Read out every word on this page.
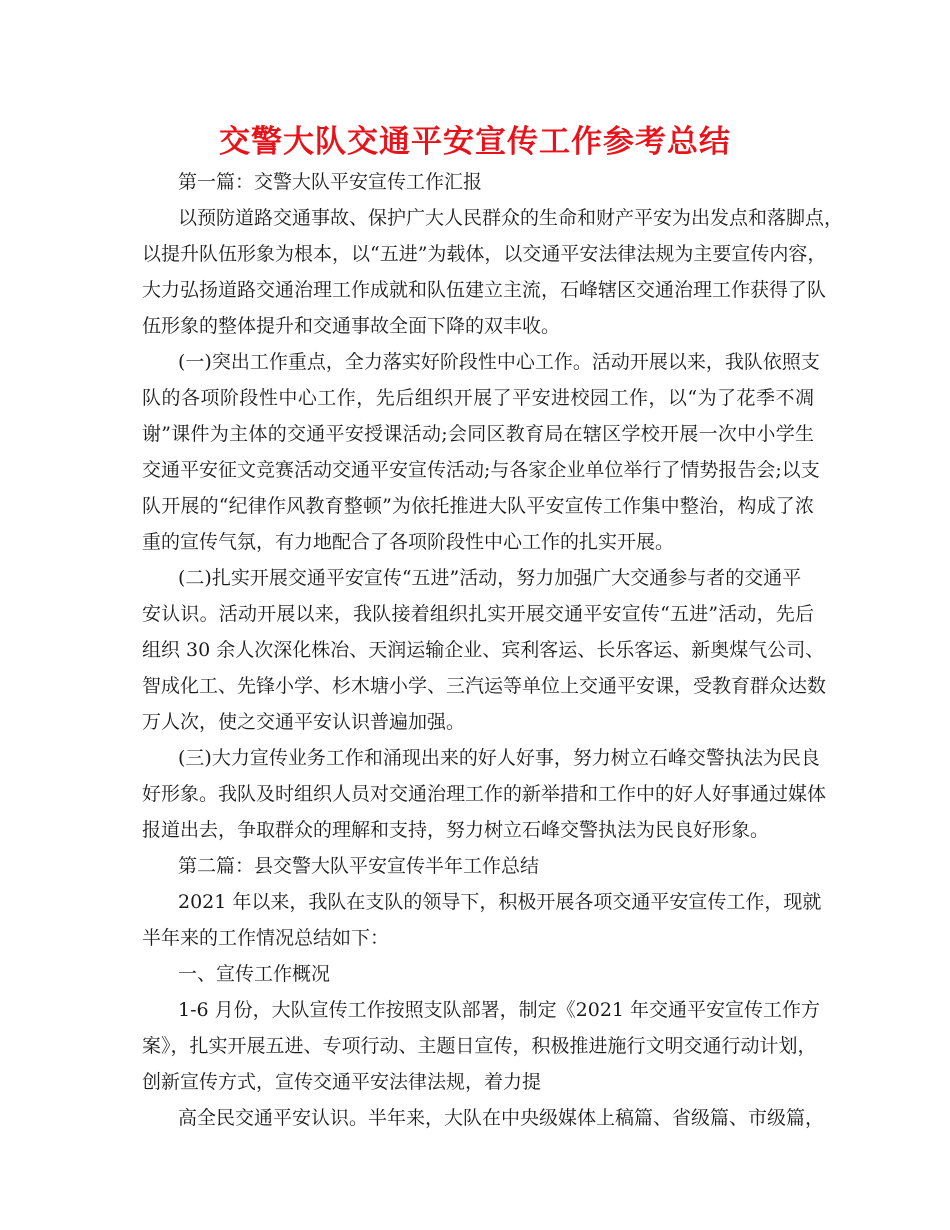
交警大队交通平安宣传工作参考总结
第一篇：交警大队平安宣传工作汇报
以预防道路交通事故、保护广大人民群众的生命和财产平安为出发点和落脚点，
以提升队伍形象为根本，以“五进”为载体，以交通平安法律法规为主要宣传内容，
大力弘扬道路交通治理工作成就和队伍建立主流，石峰辖区交通治理工作获得了队
伍形象的整体提升和交通事故全面下降的双丰收。
(一)突出工作重点，全力落实好阶段性中心工作。活动开展以来，我队依照支
队的各项阶段性中心工作，先后组织开展了平安进校园工作，以“为了花季不凋
谢”课件为主体的交通平安授课活动;会同区教育局在辖区学校开展一次中小学生
交通平安征文竞赛活动交通平安宣传活动;与各家企业单位举行了情势报告会;以支
队开展的“纪律作风教育整顿”为依托推进大队平安宣传工作集中整治，构成了浓
重的宣传气氛，有力地配合了各项阶段性中心工作的扎实开展。
(二)扎实开展交通平安宣传“五进”活动，努力加强广大交通参与者的交通平
安认识。活动开展以来，我队接着组织扎实开展交通平安宣传“五进”活动，先后
组织 30 余人次深化株冶、天润运输企业、宾利客运、长乐客运、新奥煤气公司、
智成化工、先锋小学、杉木塘小学、三汽运等单位上交通平安课，受教育群众达数
万人次，使之交通平安认识普遍加强。
(三)大力宣传业务工作和涌现出来的好人好事，努力树立石峰交警执法为民良
好形象。我队及时组织人员对交通治理工作的新举措和工作中的好人好事通过媒体
报道出去，争取群众的理解和支持，努力树立石峰交警执法为民良好形象。
第二篇：县交警大队平安宣传半年工作总结
2021 年以来，我队在支队的领导下，积极开展各项交通平安宣传工作，现就
半年来的工作情况总结如下：
一、宣传工作概况
1-6 月份，大队宣传工作按照支队部署，制定《2021 年交通平安宣传工作方
案》，扎实开展五进、专项行动、主题日宣传，积极推进施行文明交通行动计划，
创新宣传方式，宣传交通平安法律法规，着力提
高全民交通平安认识。半年来，大队在中央级媒体上稿篇、省级篇、市级篇，
